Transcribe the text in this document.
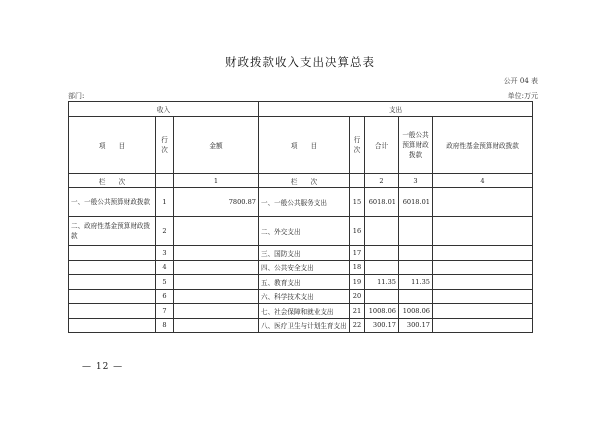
财政拨款收入支出决算总表
公开 04 表
部门:	单位:万元
收入			支出				
项　　目	行次	金额	项　　目	行次	合计	一般公共预算财政拨款	政府性基金预算财政拨款
栏　　次		1	栏　　次		2	3	4
一、一般公共预算财政拨款	1	7800.87	一、一般公共服务支出	15	6018.01	6018.01	
二、政府性基金预算财政拨款	2		二、外交支出	16			
	3		三、国防支出	17			
	4		四、公共安全支出	18			
	5		五、教育支出	19	11.35	11.35	
	6		六、科学技术支出	20			
	7		七、社会保障和就业支出	21	1008.06	1008.06	
	8		八、医疗卫生与计划生育支出	22	300.17	300.17	
— 12 —
